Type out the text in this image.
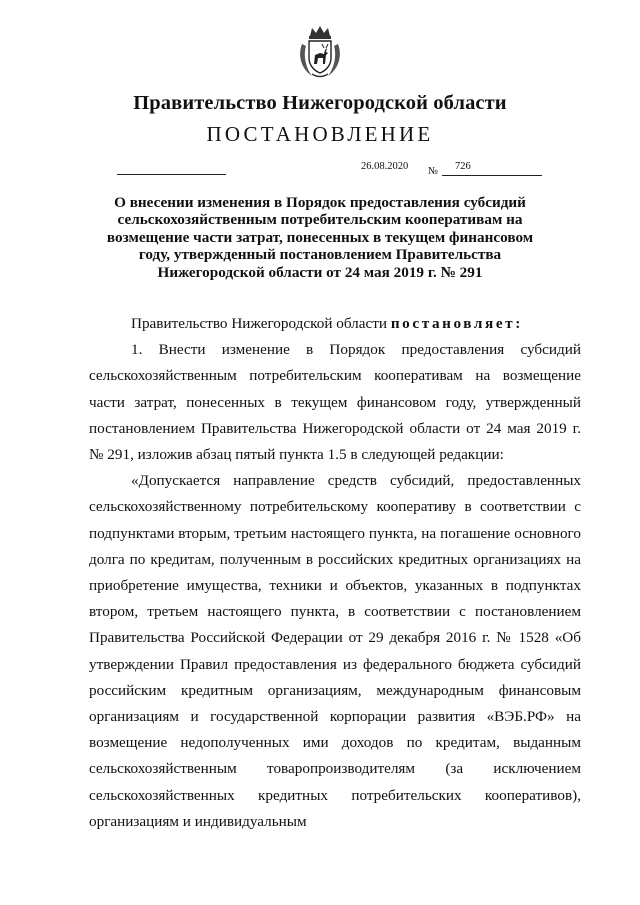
Правительство Нижегородской области
ПОСТАНОВЛЕНИЕ
26.08.2020 № 726

О внесении изменения в Порядок предоставления субсидий
сельскохозяйственным потребительским кооперативам на
возмещение части затрат, понесенных в текущем финансовом
году, утвержденный постановлением Правительства
Нижегородской области от 24 мая 2019 г. № 291

Правительство Нижегородской области постановляет:

1. Внести изменение в Порядок предоставления субсидий сельскохозяйственным потребительским кооперативам на возмещение части затрат, понесенных в текущем финансовом году, утвержденный постановлением Правительства Нижегородской области от 24 мая 2019 г. № 291, изложив абзац пятый пункта 1.5 в следующей редакции:

«Допускается направление средств субсидий, предоставленных сельскохозяйственному потребительскому кооперативу в соответствии с подпунктами вторым, третьим настоящего пункта, на погашение основного долга по кредитам, полученным в российских кредитных организациях на приобретение имущества, техники и объектов, указанных в подпунктах втором, третьем настоящего пункта, в соответствии с постановлением Правительства Российской Федерации от 29 декабря 2016 г. № 1528 «Об утверждении Правил предоставления из федерального бюджета субсидий российским кредитным организациям, международным финансовым организациям и государственной корпорации развития «ВЭБ.РФ» на возмещение недополученных ими доходов по кредитам, выданным сельскохозяйственным товаропроизводителям (за исключением сельскохозяйственных кредитных потребительских кооперативов), организациям и индивидуальным
